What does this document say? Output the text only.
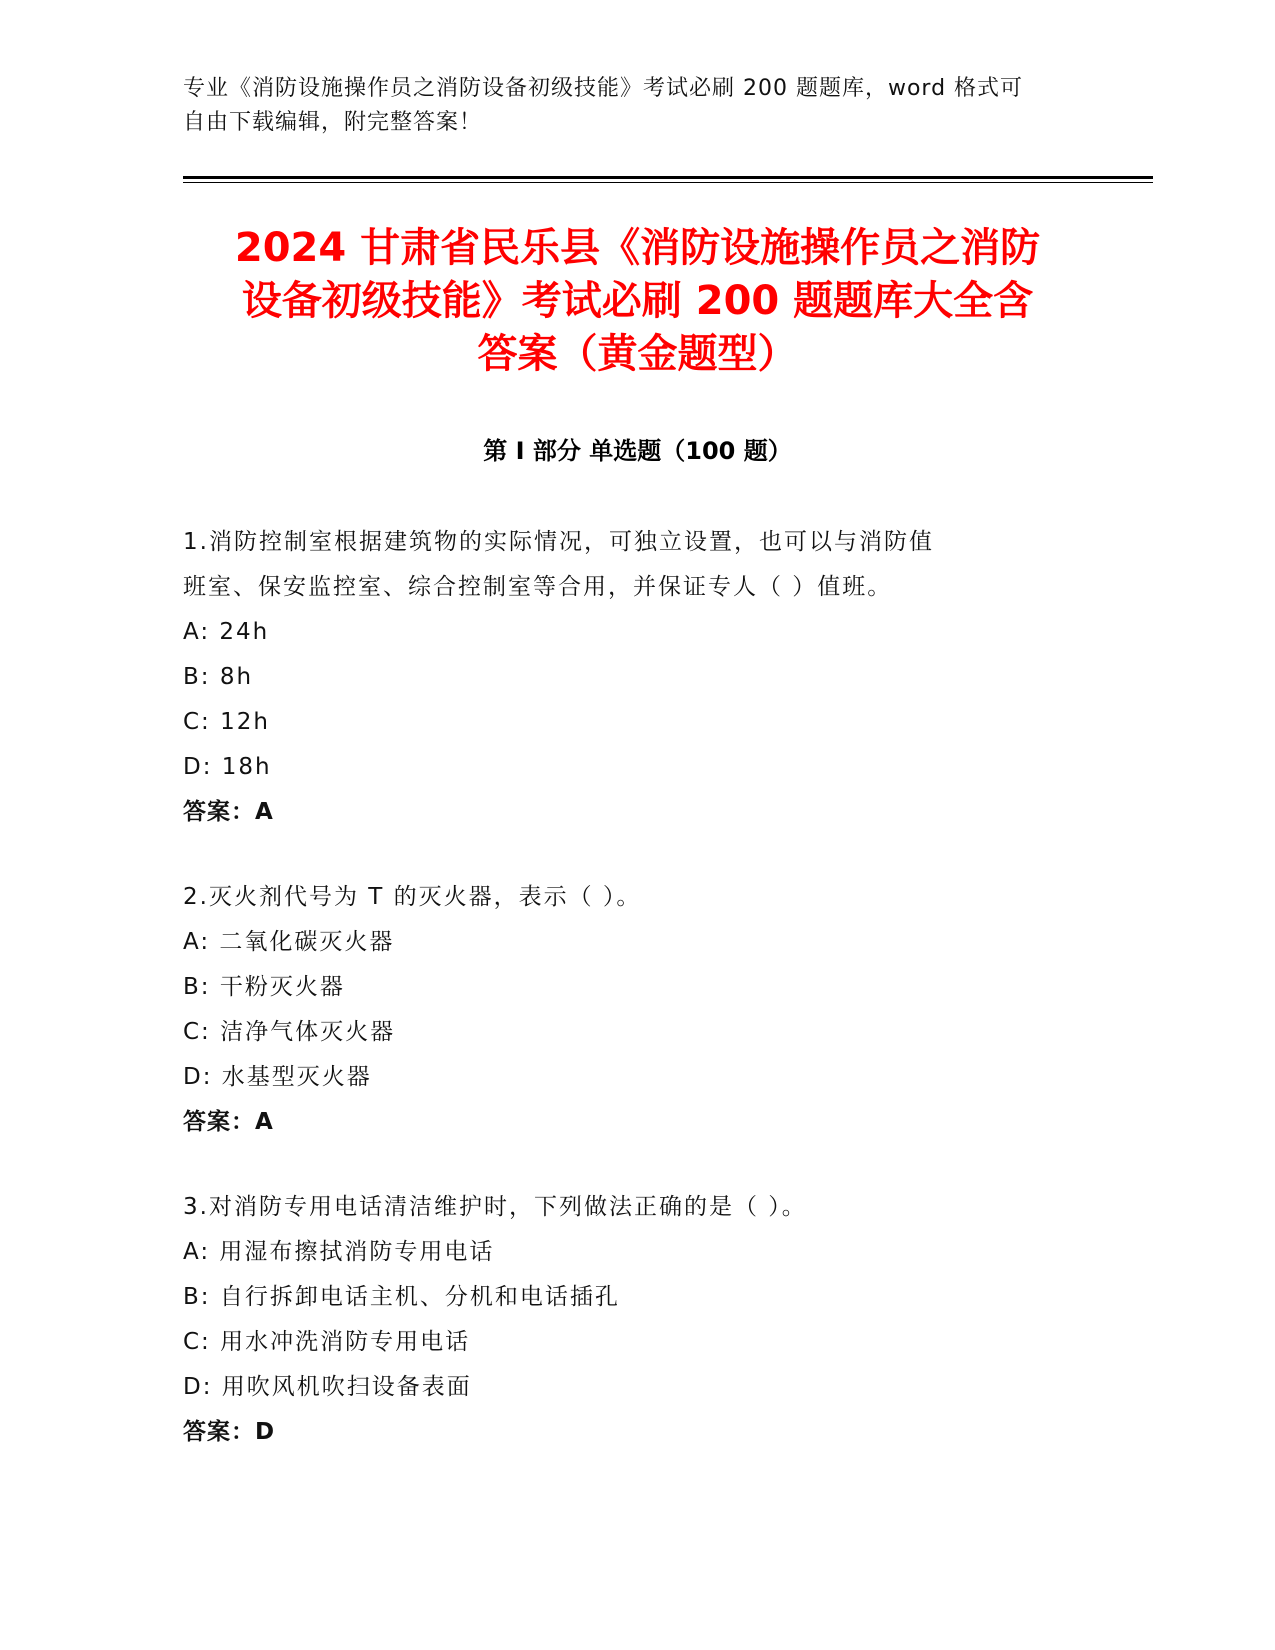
专业《消防设施操作员之消防设备初级技能》考试必刷 200 题题库，word 格式可
自由下载编辑，附完整答案！
2024 甘肃省民乐县《消防设施操作员之消防
设备初级技能》考试必刷 200 题题库大全含
答案（黄金题型）
第 I 部分 单选题（100 题）
1.消防控制室根据建筑物的实际情况，可独立设置，也可以与消防值
班室、保安监控室、综合控制室等合用，并保证专人（ ）值班。
A: 24h
B: 8h
C: 12h
D: 18h
答案：A
2.灭火剂代号为 T 的灭火器，表示（ ）。
A: 二氧化碳灭火器
B: 干粉灭火器
C: 洁净气体灭火器
D: 水基型灭火器
答案：A
3.对消防专用电话清洁维护时，下列做法正确的是（ ）。
A: 用湿布擦拭消防专用电话
B: 自行拆卸电话主机、分机和电话插孔
C: 用水冲洗消防专用电话
D: 用吹风机吹扫设备表面
答案：D
